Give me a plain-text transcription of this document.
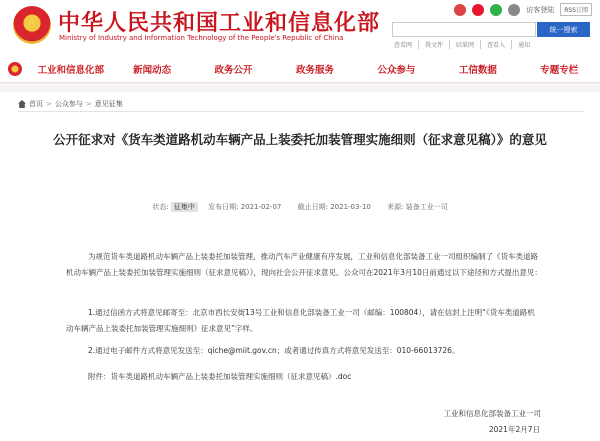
★
中华人民共和国工业和信息化部
Ministry of Industry and Information Technology of the People's Republic of China
访客登陆	RSS订阅
统一搜索
查看网	我文件	结果网	查看入	通知
工业和信息化部	新闻动态	政务公开	政务服务	公众参与	工信数据	专题专栏
首页 > 公众参与 > 意见征集
公开征求对《货车类道路机动车辆产品上装委托加装管理实施细则（征求意见稿）》的意见
状态: 征集中 发布日期: 2021-02-07 截止日期: 2021-03-10 来源: 装备工业一司
为规范货车类道路机动车辆产品上装委托加装管理，推动汽车产业健康有序发展，工业和信息化部装备工业一司组织编制了《货车类道路机动车辆产品上装委托加装管理实施细则（征求意见稿）》，现向社会公开征求意见。公众可在2021年3月10日前通过以下途径和方式提出意见：
1.通过信函方式将意见邮寄至：北京市西长安街13号工业和信息化部装备工业一司（邮编：100804），请在信封上注明“《货车类道路机动车辆产品上装委托加装管理实施细则》征求意见”字样。
2.通过电子邮件方式将意见发送至：qiche@miit.gov.cn；或者通过传真方式将意见发送至：010-66013726。
附件：货车类道路机动车辆产品上装委托加装管理实施细则（征求意见稿）.doc
工业和信息化部装备工业一司
2021年2月7日
